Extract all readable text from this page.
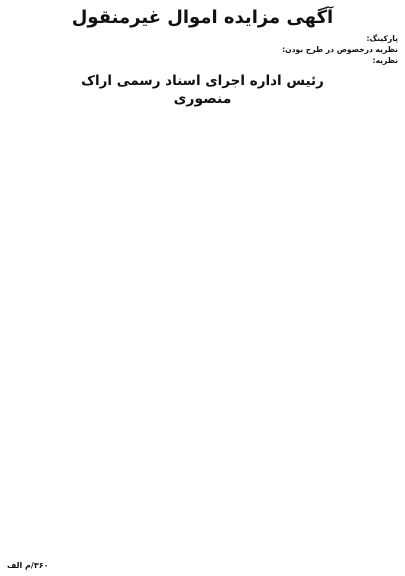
آگهی مزایده اموال غیرمنقول

پارکینگ:

نظریه درخصوص در طرح بودن:

نظریه:

رئیس اداره اجرای اسناد رسمی اراک
منصوری
۳۶۰/م الف
